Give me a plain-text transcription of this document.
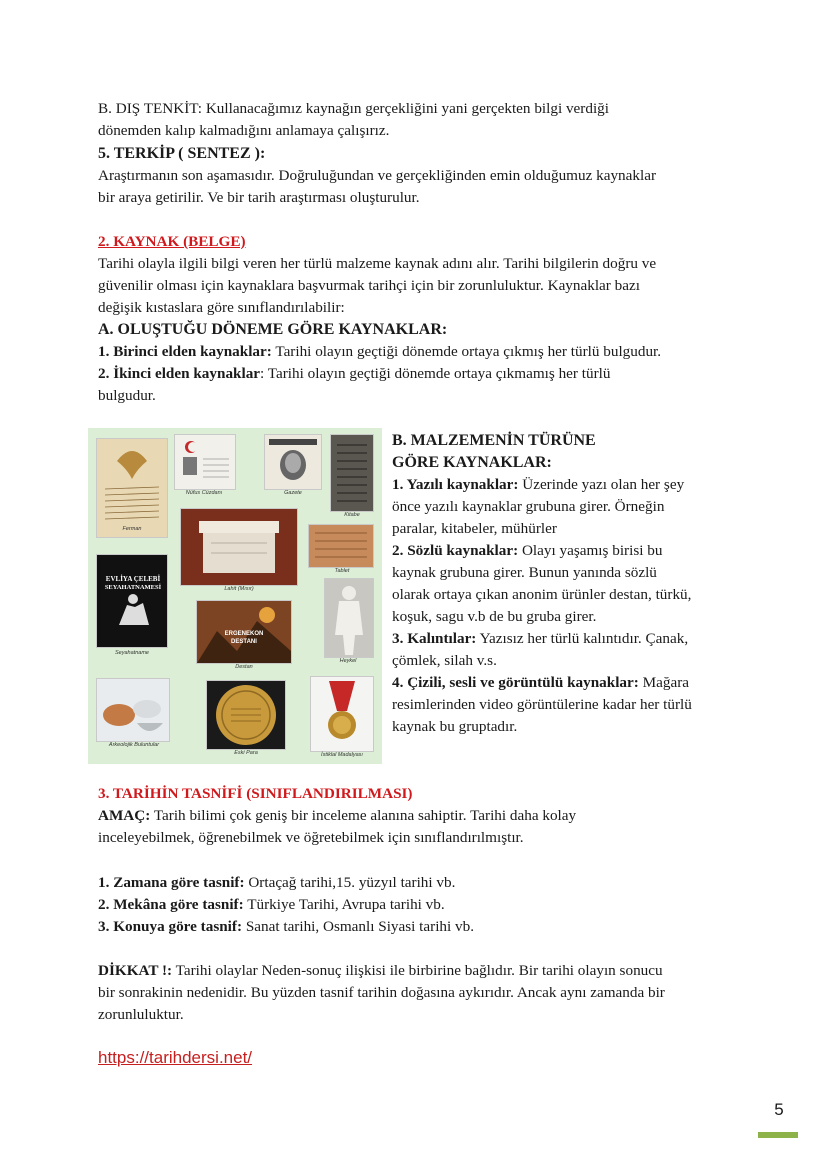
B. DIŞ TENKİT: Kullanacağımız kaynağın gerçekliğini yani gerçekten bilgi verdiği

dönemden kalıp kalmadığını anlamaya çalışırız.

5. TERKİP ( SENTEZ ):

Araştırmanın son aşamasıdır. Doğruluğundan ve gerçekliğinden emin olduğumuz kaynaklar

bir araya getirilir. Ve bir tarih araştırması oluşturulur.

2. KAYNAK (BELGE)

Tarihi olayla ilgili bilgi veren her türlü malzeme kaynak adını alır. Tarihi bilgilerin doğru ve

güvenilir olması için kaynaklara başvurmak tarihçi için bir zorunluluktur. Kaynaklar bazı

değişik kıstaslara göre sınıflandırılabilir:

A. OLUŞTUĞU DÖNEME GÖRE KAYNAKLAR:

1. Birinci elden kaynaklar: Tarihi olayın geçtiği dönemde ortaya çıkmış her türlü bulgudur.

2. İkinci elden kaynaklar: Tarihi olayın geçtiği dönemde ortaya çıkmamış her türlü

bulgudur.

Ferman
Nüfus Cüzdanı	Gazete
Kitabe
Lahit (Mısır)
Tablet
EVLİYA ÇELEBİ
SEYAHATNAMESİ
Seyahatname
ERGENEKON
DESTANI
Destan
Heykel
Arkeolojik Buluntular
Eski Para	İstiklal Madalyası

B. MALZEMENİN TÜRÜNE

GÖRE KAYNAKLAR:

1. Yazılı kaynaklar: Üzerinde yazı olan her şey

önce yazılı kaynaklar grubuna girer. Örneğin

paralar, kitabeler, mühürler

2. Sözlü kaynaklar: Olayı yaşamış birisi bu

kaynak grubuna girer. Bunun yanında sözlü

olarak ortaya çıkan anonim ürünler destan, türkü,

koşuk, sagu v.b de bu gruba girer.

3. Kalıntılar: Yazısız her türlü kalıntıdır. Çanak,

çömlek, silah v.s.

4. Çizili, sesli ve görüntülü kaynaklar: Mağara

resimlerinden video görüntülerine kadar her türlü

kaynak bu gruptadır.

3. TARİHİN TASNİFİ (SINIFLANDIRILMASI)

AMAÇ: Tarih bilimi çok geniş bir inceleme alanına sahiptir. Tarihi daha kolay

inceleyebilmek, öğrenebilmek ve öğretebilmek için sınıflandırılmıştır.

1. Zamana göre tasnif: Ortaçağ tarihi,15. yüzyıl tarihi vb.

2. Mekâna göre tasnif: Türkiye Tarihi, Avrupa tarihi vb.

3. Konuya göre tasnif: Sanat tarihi, Osmanlı Siyasi tarihi vb.

DİKKAT !: Tarihi olaylar Neden-sonuç ilişkisi ile birbirine bağlıdır. Bir tarihi olayın sonucu

bir sonrakinin nedenidir. Bu yüzden tasnif tarihin doğasına aykırıdır. Ancak aynı zamanda bir

zorunluluktur.

https://tarihdersi.net/
5
